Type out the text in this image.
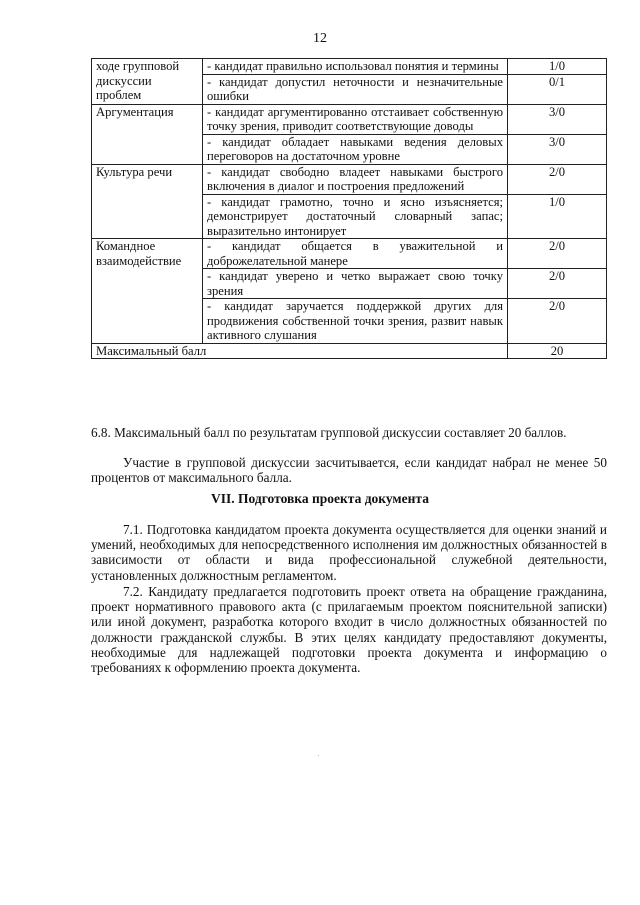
12
ходе групповой дискуссии проблем	- кандидат правильно использовал понятия и термины	1/0
	- кандидат допустил неточности и незначительные ошибки	0/1
Аргументация	- кандидат аргументированно отстаивает собственную точку зрения, приводит соответствующие доводы	3/0
	- кандидат обладает навыками ведения деловых переговоров на достаточном уровне	3/0
Культура речи	- кандидат свободно владеет навыками быстрого включения в диалог и построения предложений	2/0
	- кандидат грамотно, точно и ясно изъясняется; демонстрирует достаточный словарный запас; выразительно интонирует	1/0
Командное взаимодействие	- кандидат общается в уважительной и доброжелательной манере	2/0
	- кандидат уверено и четко выражает свою точку зрения	2/0
	- кандидат заручается поддержкой других для продвижения собственной точки зрения, развит навык активного слушания	2/0
Максимальный балл		20

6.8. Максимальный балл по результатам групповой дискуссии составляет 20 баллов.

Участие в групповой дискуссии засчитывается, если кандидат набрал не менее 50 процентов от максимального балла.

VII. Подготовка проекта документа

7.1. Подготовка кандидатом проекта документа осуществляется для оценки знаний и умений, необходимых для непосредственного исполнения им должностных обязанностей в зависимости от области и вида профессиональной служебной деятельности, установленных должностным регламентом.

7.2. Кандидату предлагается подготовить проект ответа на обращение гражданина, проект нормативного правового акта (с прилагаемым проектом пояснительной записки) или иной документ, разработка которого входит в число должностных обязанностей по должности гражданской службы. В этих целях кандидату предоставляют документы, необходимые для надлежащей подготовки проекта документа и информацию о требованиях к оформлению проекта документа.
